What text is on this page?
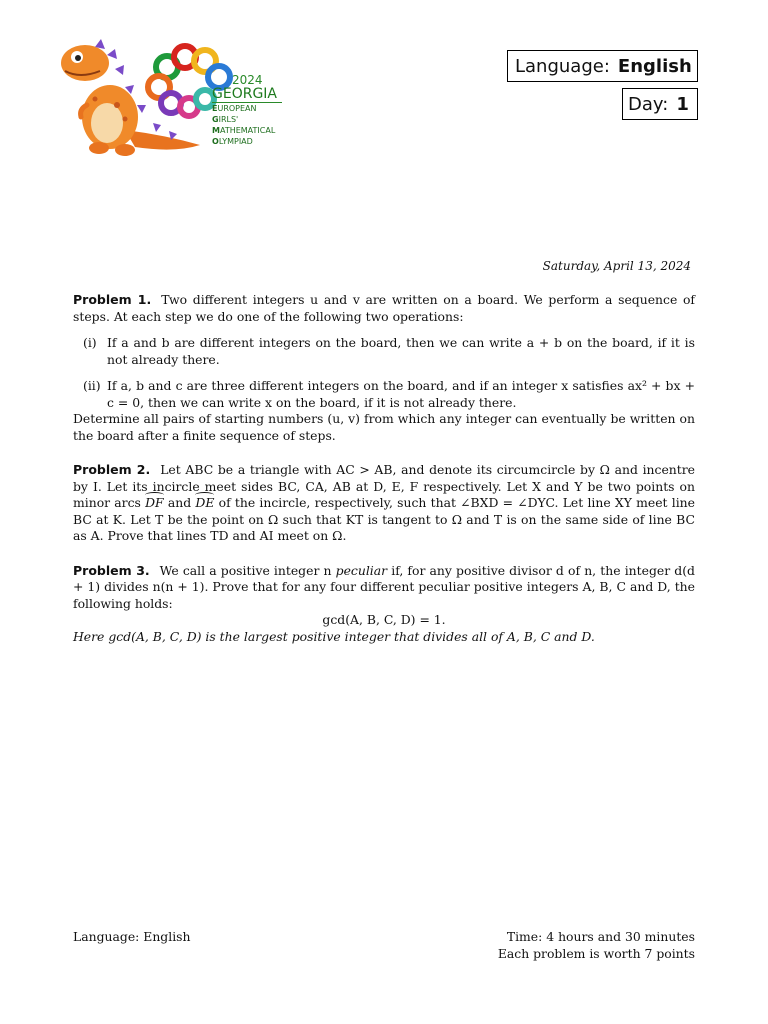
2024
GEORGIA
EUROPEAN
GIRLS'
MATHEMATICAL
OLYMPIAD
Language: English
Day: 1
Saturday, April 13, 2024

Problem 1. Two different integers u and v are written on a board. We perform a sequence of steps. At each step we do one of the following two operations:

(i) If a and b are different integers on the board, then we can write a + b on the board, if it is not already there.
(ii) If a, b and c are three different integers on the board, and if an integer x satisfies ax² + bx + c = 0, then we can write x on the board, if it is not already there.

Determine all pairs of starting numbers (u, v) from which any integer can eventually be written on the board after a finite sequence of steps.

Problem 2. Let ABC be a triangle with AC > AB, and denote its circumcircle by Ω and incentre by I. Let its incircle meet sides BC, CA, AB at D, E, F respectively. Let X and Y be two points on minor arcs DF and DE of the incircle, respectively, such that ∠BXD = ∠DYC. Let line XY meet line BC at K. Let T be the point on Ω such that KT is tangent to Ω and T is on the same side of line BC as A. Prove that lines TD and AI meet on Ω.

Problem 3. We call a positive integer n peculiar if, for any positive divisor d of n, the integer d(d + 1) divides n(n + 1). Prove that for any four different peculiar positive integers A, B, C and D, the following holds:

gcd(A, B, C, D) = 1.

Here gcd(A, B, C, D) is the largest positive integer that divides all of A, B, C and D.

Language: English	Time: 4 hours and 30 minutes
Each problem is worth 7 points
